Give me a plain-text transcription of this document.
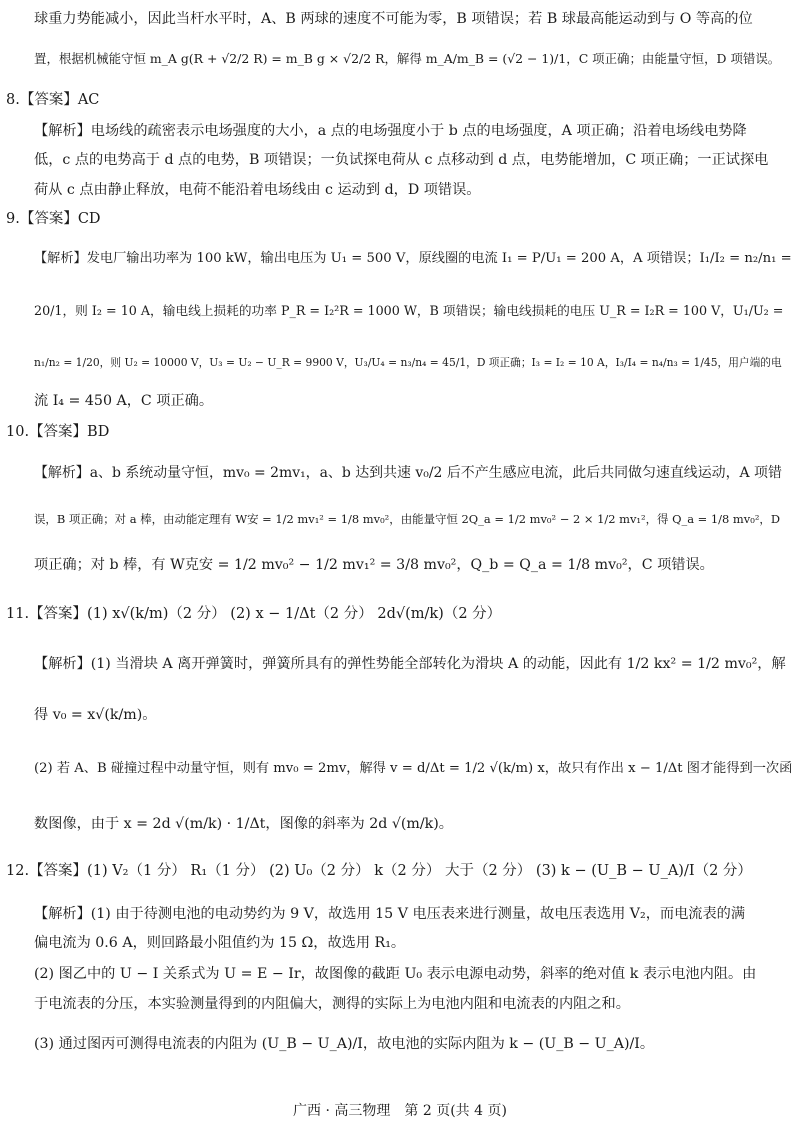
球重力势能减小，因此当杆水平时，A、B 两球的速度不可能为零，B 项错误；若 B 球最高能运动到与 O 等高的位
置，根据机械能守恒 m_A g(R + √2/2 R) = m_B g × √2/2 R，解得 m_A/m_B = (√2 − 1)/1，C 项正确；由能量守恒，D 项错误。
8.【答案】AC
【解析】电场线的疏密表示电场强度的大小，a 点的电场强度小于 b 点的电场强度，A 项正确；沿着电场线电势降
低，c 点的电势高于 d 点的电势，B 项错误；一负试探电荷从 c 点移动到 d 点，电势能增加，C 项正确；一正试探电
荷从 c 点由静止释放，电荷不能沿着电场线由 c 运动到 d，D 项错误。
9.【答案】CD
【解析】发电厂输出功率为 100 kW，输出电压为 U₁ = 500 V，原线圈的电流 I₁ = P/U₁ = 200 A，A 项错误；I₁/I₂ = n₂/n₁ =
20/1，则 I₂ = 10 A，输电线上损耗的功率 P_R = I₂²R = 1000 W，B 项错误；输电线损耗的电压 U_R = I₂R = 100 V，U₁/U₂ =
n₁/n₂ = 1/20，则 U₂ = 10000 V，U₃ = U₂ − U_R = 9900 V，U₃/U₄ = n₃/n₄ = 45/1，D 项正确；I₃ = I₂ = 10 A，I₃/I₄ = n₄/n₃ = 1/45，用户端的电
流 I₄ = 450 A，C 项正确。
10.【答案】BD
【解析】a、b 系统动量守恒，mv₀ = 2mv₁，a、b 达到共速 v₀/2 后不产生感应电流，此后共同做匀速直线运动，A 项错
误，B 项正确；对 a 棒，由动能定理有 W安 = 1/2 mv₁² = 1/8 mv₀²，由能量守恒 2Q_a = 1/2 mv₀² − 2 × 1/2 mv₁²，得 Q_a = 1/8 mv₀²，D
项正确；对 b 棒，有 W克安 = 1/2 mv₀² − 1/2 mv₁² = 3/8 mv₀²，Q_b = Q_a = 1/8 mv₀²，C 项错误。
11.【答案】(1) x√(k/m)（2 分） (2) x − 1/Δt（2 分） 2d√(m/k)（2 分）
【解析】(1) 当滑块 A 离开弹簧时，弹簧所具有的弹性势能全部转化为滑块 A 的动能，因此有 1/2 kx² = 1/2 mv₀²，解
得 v₀ = x√(k/m)。
(2) 若 A、B 碰撞过程中动量守恒，则有 mv₀ = 2mv，解得 v = d/Δt = 1/2 √(k/m) x，故只有作出 x − 1/Δt 图才能得到一次函
数图像，由于 x = 2d √(m/k) · 1/Δt，图像的斜率为 2d √(m/k)。
12.【答案】(1) V₂（1 分） R₁（1 分） (2) U₀（2 分） k（2 分） 大于（2 分） (3) k − (U_B − U_A)/I（2 分）
【解析】(1) 由于待测电池的电动势约为 9 V，故选用 15 V 电压表来进行测量，故电压表选用 V₂，而电流表的满
偏电流为 0.6 A，则回路最小阻值约为 15 Ω，故选用 R₁。
(2) 图乙中的 U − I 关系式为 U = E − Ir，故图像的截距 U₀ 表示电源电动势，斜率的绝对值 k 表示电池内阻。由
于电流表的分压，本实验测量得到的内阻偏大，测得的实际上为电池内阻和电流表的内阻之和。
(3) 通过图丙可测得电流表的内阻为 (U_B − U_A)/I，故电池的实际内阻为 k − (U_B − U_A)/I。
广西 · 高三物理　第 2 页(共 4 页)
